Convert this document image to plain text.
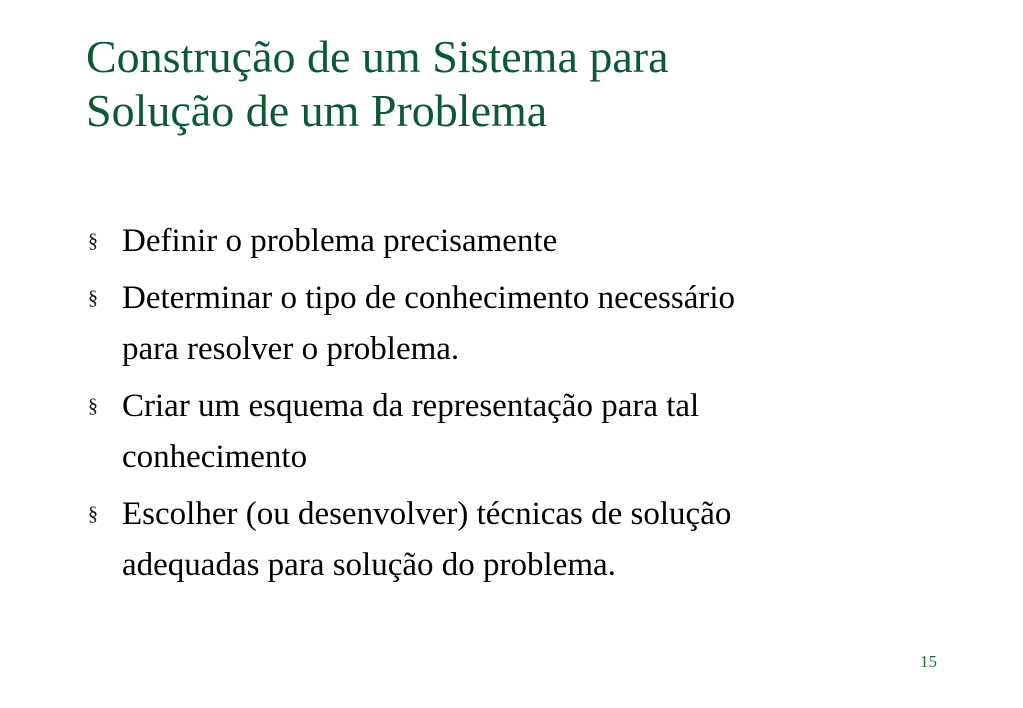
Construção de um Sistema para
Solução de um Problema
§ Definir o problema precisamente
§ Determinar o tipo de conhecimento necessário
para resolver o problema.
§ Criar um esquema da representação para tal
conhecimento
§ Escolher (ou desenvolver) técnicas de solução
adequadas para solução do problema.
15
